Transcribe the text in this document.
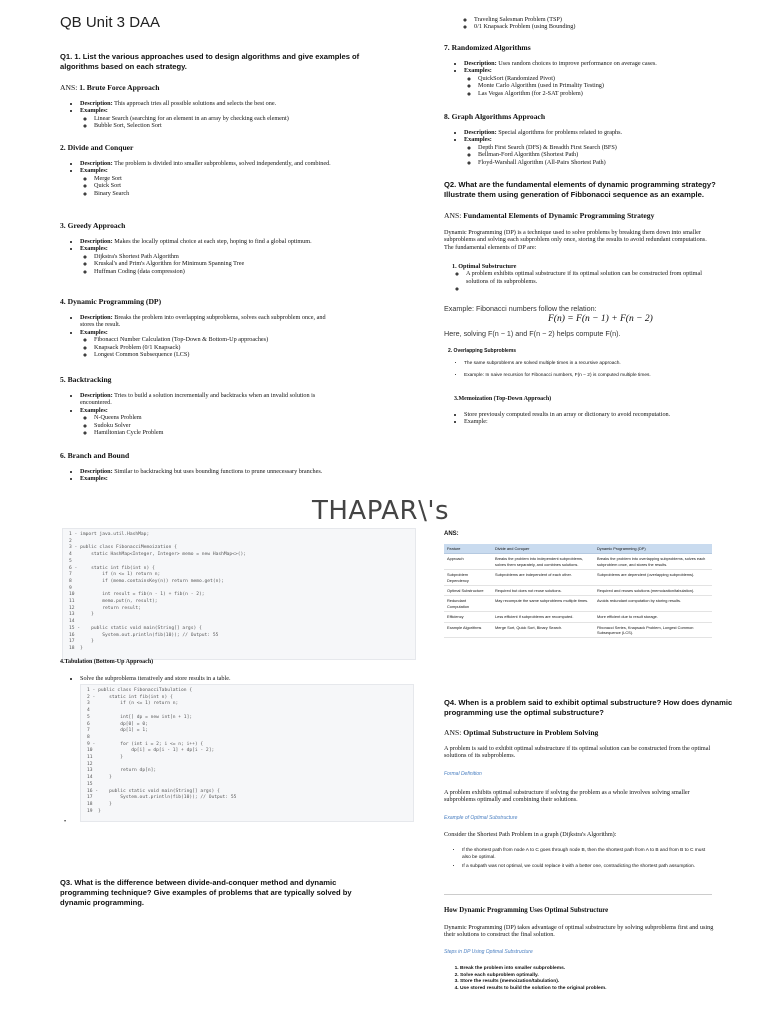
QB Unit 3 DAA
Q1. 1. List the various approaches used to design algorithms and give examples of algorithms based on each strategy.
ANS: 1. Brute Force Approach
• Description: This approach tries all possible solutions and selects the best one.
• Examples:
◦ Linear Search (searching for an element in an array by checking each element)
◦ Bubble Sort, Selection Sort
2. Divide and Conquer
• Description: The problem is divided into smaller subproblems, solved independently, and combined.
• Examples:
◦ Merge Sort
◦ Quick Sort
◦ Binary Search
3. Greedy Approach
• Description: Makes the locally optimal choice at each step, hoping to find a global optimum.
• Examples:
◦ Dijkstra's Shortest Path Algorithm
◦ Kruskal's and Prim's Algorithm for Minimum Spanning Tree
◦ Huffman Coding (data compression)
4. Dynamic Programming (DP)
• Description: Breaks the problem into overlapping subproblems, solves each subproblem once, and stores the result.
• Examples:
◦ Fibonacci Number Calculation (Top-Down & Bottom-Up approaches)
◦ Knapsack Problem (0/1 Knapsack)
◦ Longest Common Subsequence (LCS)
5. Backtracking
• Description: Tries to build a solution incrementally and backtracks when an invalid solution is encountered.
• Examples:
◦ N-Queens Problem
◦ Sudoku Solver
◦ Hamiltonian Cycle Problem
6. Branch and Bound
• Description: Similar to backtracking but uses bounding functions to prune unnecessary branches.
• Examples:
◦ Traveling Salesman Problem (TSP)
◦ 0/1 Knapsack Problem (using Bounding)
7. Randomized Algorithms
• Description: Uses random choices to improve performance on average cases.
• Examples:
◦ QuickSort (Randomized Pivot)
◦ Monte Carlo Algorithm (used in Primality Testing)
◦ Las Vegas Algorithm (for 2-SAT problem)
8. Graph Algorithms Approach
• Description: Special algorithms for problems related to graphs.
• Examples:
◦ Depth First Search (DFS) & Breadth First Search (BFS)
◦ Bellman-Ford Algorithm (Shortest Path)
◦ Floyd-Warshall Algorithm (All-Pairs Shortest Path)
Q2. What are the fundamental elements of dynamic programming strategy? Illustrate them using generation of Fibbonacci sequence as an example.
ANS: Fundamental Elements of Dynamic Programming Strategy
Dynamic Programming (DP) is a technique used to solve problems by breaking them down into smaller subproblems and solving each subproblem only once, storing the results to avoid redundant computations. The fundamental elements of DP are:
1. Optimal Substructure
◦ A problem exhibits optimal substructure if its optimal solution can be constructed from optimal solutions of its subproblems.
◦
Example: Fibonacci numbers follow the relation:
F(n) = F(n − 1) + F(n − 2)
Here, solving F(n − 1) and F(n − 2) helps compute F(n).
2. Overlapping Subproblems
• The same subproblems are solved multiple times in a recursive approach.
• Example: In naive recursion for Fibonacci numbers, F(n − 2) is computed multiple times.
3.Memoization (Top-Down Approach)
• Store previously computed results in an array or dictionary to avoid recomputation.
• Example:
THAPAR\'s
1 - import java.util.HashMap;
2
3 - public class FibonacciMemoization {
4       static HashMap<Integer, Integer> memo = new HashMap<>();
5
6 -     static int fib(int n) {
7           if (n <= 1) return n;
8           if (memo.containsKey(n)) return memo.get(n);
9
10          int result = fib(n - 1) + fib(n - 2);
11          memo.put(n, result);
12          return result;
13      }
14
15 -    public static void main(String[] args) {
16          System.out.println(fib(10)); // Output: 55
17      }
18  }
4.Tabulation (Bottom-Up Approach)
• Solve the subproblems iteratively and store results in a table.
1 - public class FibonacciTabulation {
2 -     static int fib(int n) {
3           if (n <= 1) return n;
4
5           int[] dp = new int[n + 1];
6           dp[0] = 0;
7           dp[1] = 1;
8
9 -         for (int i = 2; i <= n; i++) {
10              dp[i] = dp[i - 1] + dp[i - 2];
11          }
12
13          return dp[n];
14      }
15
16 -    public static void main(String[] args) {
17          System.out.println(fib(10)); // Output: 55
18      }
19  }
•
Q3. What is the difference between divide-and-conquer method and dynamic programming technique? Give examples of problems that are typically solved by dynamic programming.
ANS:
Feature	Divide and Conquer	Dynamic Programming (DP)
Approach	Breaks the problem into independent subproblems, solves them separately, and combines solutions.	Breaks the problem into overlapping subproblems, solves each subproblem once, and stores the results.
Subproblem Dependency	Subproblems are independent of each other.	Subproblems are dependent (overlapping subproblems).
Optimal Substructure	Required but does not reuse solutions.	Required and reuses solutions (memoization/tabulation).
Redundant Computation	May recompute the same subproblems multiple times.	Avoids redundant computation by storing results.
Efficiency	Less efficient if subproblems are recomputed.	More efficient due to result storage.
Example Algorithms	Merge Sort, Quick Sort, Binary Search.	Fibonacci Series, Knapsack Problem, Longest Common Subsequence (LCS).
Q4. When is a problem said to exhibit optimal substructure? How does dynamic programming use the optimal substructure?
ANS: Optimal Substructure in Problem Solving
A problem is said to exhibit optimal substructure if its optimal solution can be constructed from the optimal solutions of its subproblems.
Formal Definition
A problem exhibits optimal substructure if solving the problem as a whole involves solving smaller subproblems optimally and combining their solutions.
Example of Optimal Substructure
Consider the Shortest Path Problem in a graph (Dijkstra's Algorithm):
• If the shortest path from node A to C goes through node B, then the shortest path from A to B and from B to C must also be optimal.
• If a subpath was not optimal, we could replace it with a better one, contradicting the shortest path assumption.
How Dynamic Programming Uses Optimal Substructure
Dynamic Programming (DP) takes advantage of optimal substructure by solving subproblems first and using their solutions to construct the final solution.
Steps in DP Using Optimal Substructure
1. Break the problem into smaller subproblems.
2. Solve each subproblem optimally.
3. Store the results (memoization/tabulation).
4. Use stored results to build the solution to the original problem.
